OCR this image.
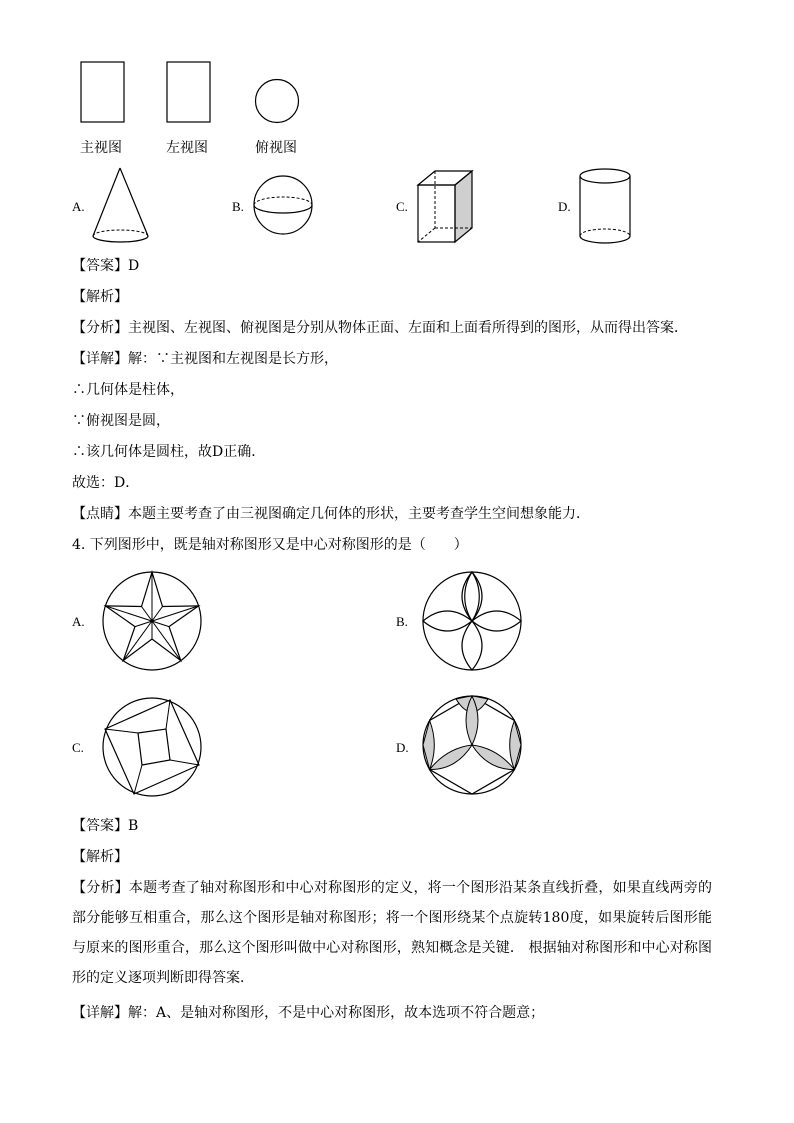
主视图	左视图	俯视图
A.	B.	C.	D.
【答案】D
【解析】
【分析】主视图、左视图、俯视图是分别从物体正面、左面和上面看所得到的图形，从而得出答案．
【详解】解：∵主视图和左视图是长方形，
∴几何体是柱体，
∵俯视图是圆，
∴该几何体是圆柱，故D正确．
故选：D．
【点睛】本题主要考查了由三视图确定几何体的形状，主要考查学生空间想象能力．
4. 下列图形中，既是轴对称图形又是中心对称图形的是（　　）
A.	B.
C.	D.
【答案】B
【解析】
【分析】本题考查了轴对称图形和中心对称图形的定义，将一个图形沿某条直线折叠，如果直线两旁的部分能够互相重合，那么这个图形是轴对称图形；将一个图形绕某个点旋转180度，如果旋转后图形能与原来的图形重合，那么这个图形叫做中心对称图形，熟知概念是关键． 根据轴对称图形和中心对称图形的定义逐项判断即得答案．
【详解】解：A、是轴对称图形，不是中心对称图形，故本选项不符合题意；
